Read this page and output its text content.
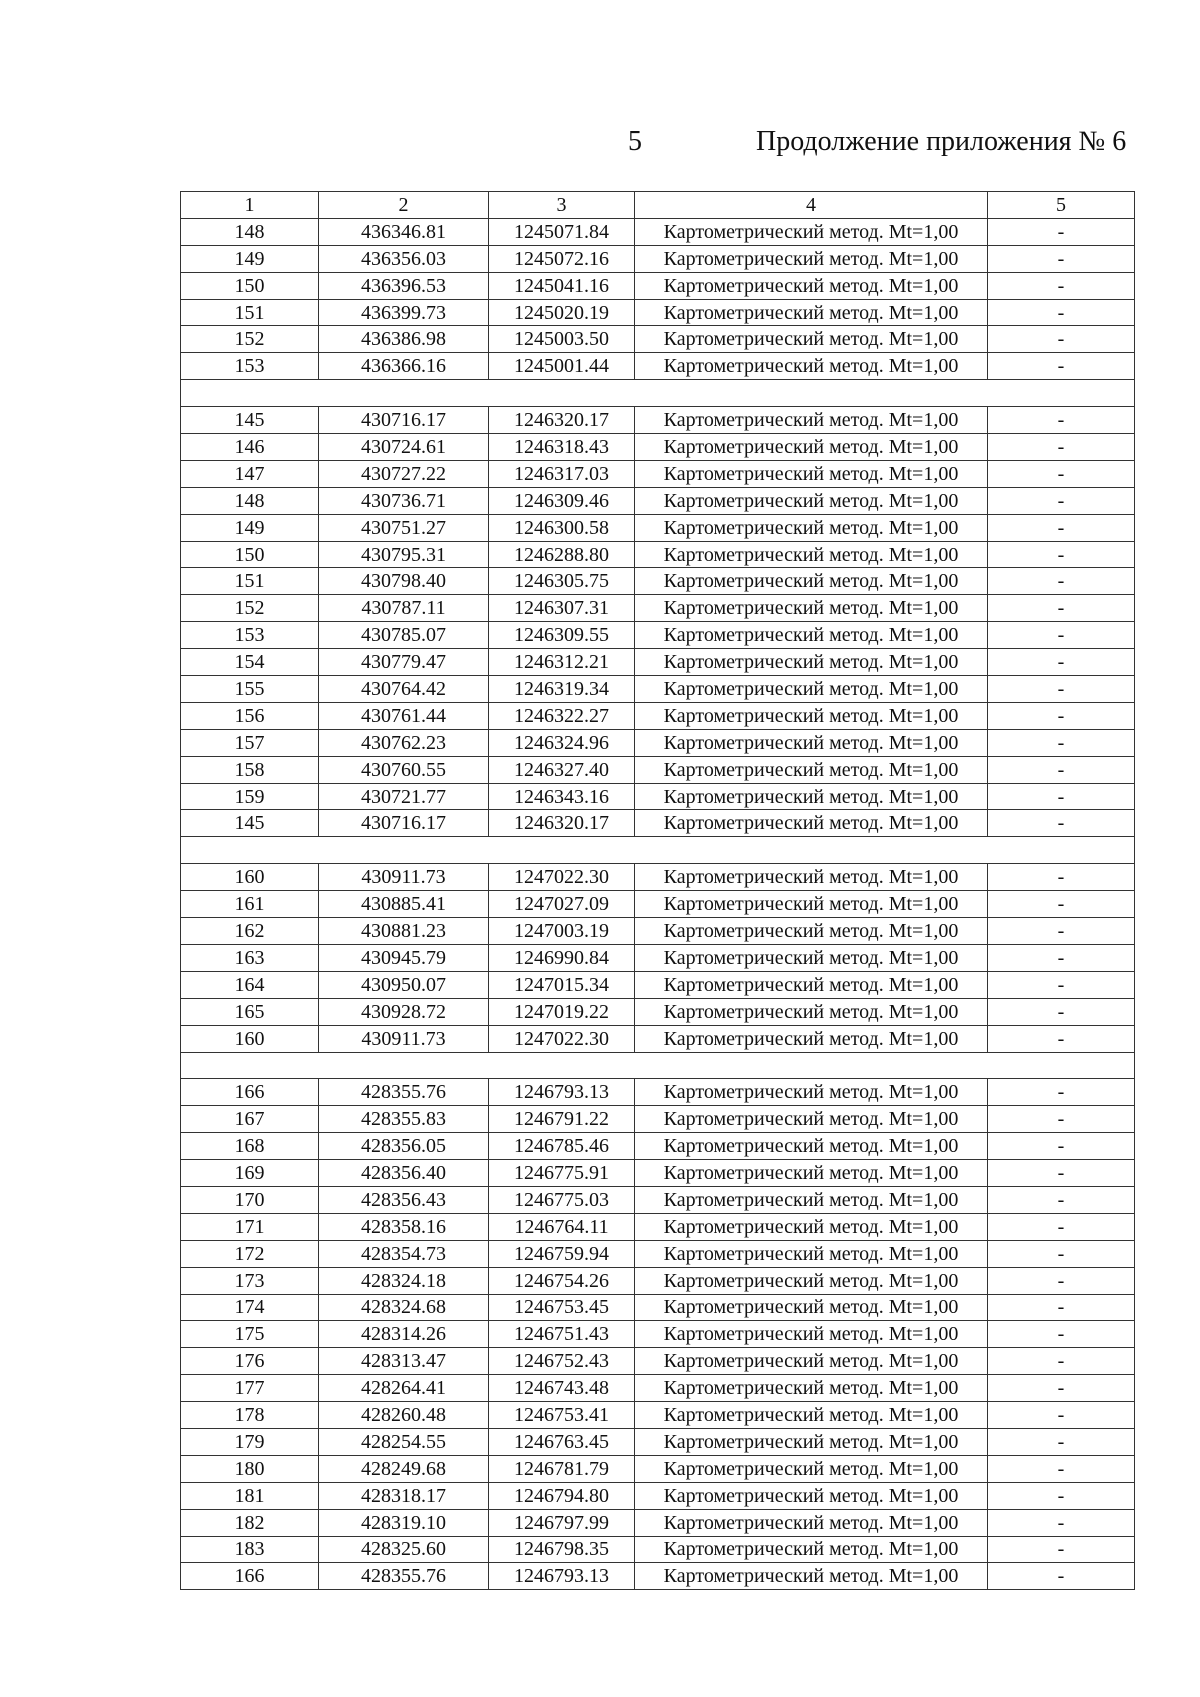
5	Продолжение приложения № 6
1	2	3	4	5
148	436346.81	1245071.84	Картометрический метод. Mt=1,00	-
149	436356.03	1245072.16	Картометрический метод. Mt=1,00	-
150	436396.53	1245041.16	Картометрический метод. Mt=1,00	-
151	436399.73	1245020.19	Картометрический метод. Mt=1,00	-
152	436386.98	1245003.50	Картометрический метод. Mt=1,00	-
153	436366.16	1245001.44	Картометрический метод. Mt=1,00	-

145	430716.17	1246320.17	Картометрический метод. Mt=1,00	-
146	430724.61	1246318.43	Картометрический метод. Mt=1,00	-
147	430727.22	1246317.03	Картометрический метод. Mt=1,00	-
148	430736.71	1246309.46	Картометрический метод. Mt=1,00	-
149	430751.27	1246300.58	Картометрический метод. Mt=1,00	-
150	430795.31	1246288.80	Картометрический метод. Mt=1,00	-
151	430798.40	1246305.75	Картометрический метод. Mt=1,00	-
152	430787.11	1246307.31	Картометрический метод. Mt=1,00	-
153	430785.07	1246309.55	Картометрический метод. Mt=1,00	-
154	430779.47	1246312.21	Картометрический метод. Mt=1,00	-
155	430764.42	1246319.34	Картометрический метод. Mt=1,00	-
156	430761.44	1246322.27	Картометрический метод. Mt=1,00	-
157	430762.23	1246324.96	Картометрический метод. Mt=1,00	-
158	430760.55	1246327.40	Картометрический метод. Mt=1,00	-
159	430721.77	1246343.16	Картометрический метод. Mt=1,00	-
145	430716.17	1246320.17	Картометрический метод. Mt=1,00	-

160	430911.73	1247022.30	Картометрический метод. Mt=1,00	-
161	430885.41	1247027.09	Картометрический метод. Mt=1,00	-
162	430881.23	1247003.19	Картометрический метод. Mt=1,00	-
163	430945.79	1246990.84	Картометрический метод. Mt=1,00	-
164	430950.07	1247015.34	Картометрический метод. Mt=1,00	-
165	430928.72	1247019.22	Картометрический метод. Mt=1,00	-
160	430911.73	1247022.30	Картометрический метод. Mt=1,00	-

166	428355.76	1246793.13	Картометрический метод. Mt=1,00	-
167	428355.83	1246791.22	Картометрический метод. Mt=1,00	-
168	428356.05	1246785.46	Картометрический метод. Mt=1,00	-
169	428356.40	1246775.91	Картометрический метод. Mt=1,00	-
170	428356.43	1246775.03	Картометрический метод. Mt=1,00	-
171	428358.16	1246764.11	Картометрический метод. Mt=1,00	-
172	428354.73	1246759.94	Картометрический метод. Mt=1,00	-
173	428324.18	1246754.26	Картометрический метод. Mt=1,00	-
174	428324.68	1246753.45	Картометрический метод. Mt=1,00	-
175	428314.26	1246751.43	Картометрический метод. Mt=1,00	-
176	428313.47	1246752.43	Картометрический метод. Mt=1,00	-
177	428264.41	1246743.48	Картометрический метод. Mt=1,00	-
178	428260.48	1246753.41	Картометрический метод. Mt=1,00	-
179	428254.55	1246763.45	Картометрический метод. Mt=1,00	-
180	428249.68	1246781.79	Картометрический метод. Mt=1,00	-
181	428318.17	1246794.80	Картометрический метод. Mt=1,00	-
182	428319.10	1246797.99	Картометрический метод. Mt=1,00	-
183	428325.60	1246798.35	Картометрический метод. Mt=1,00	-
166	428355.76	1246793.13	Картометрический метод. Mt=1,00	-
